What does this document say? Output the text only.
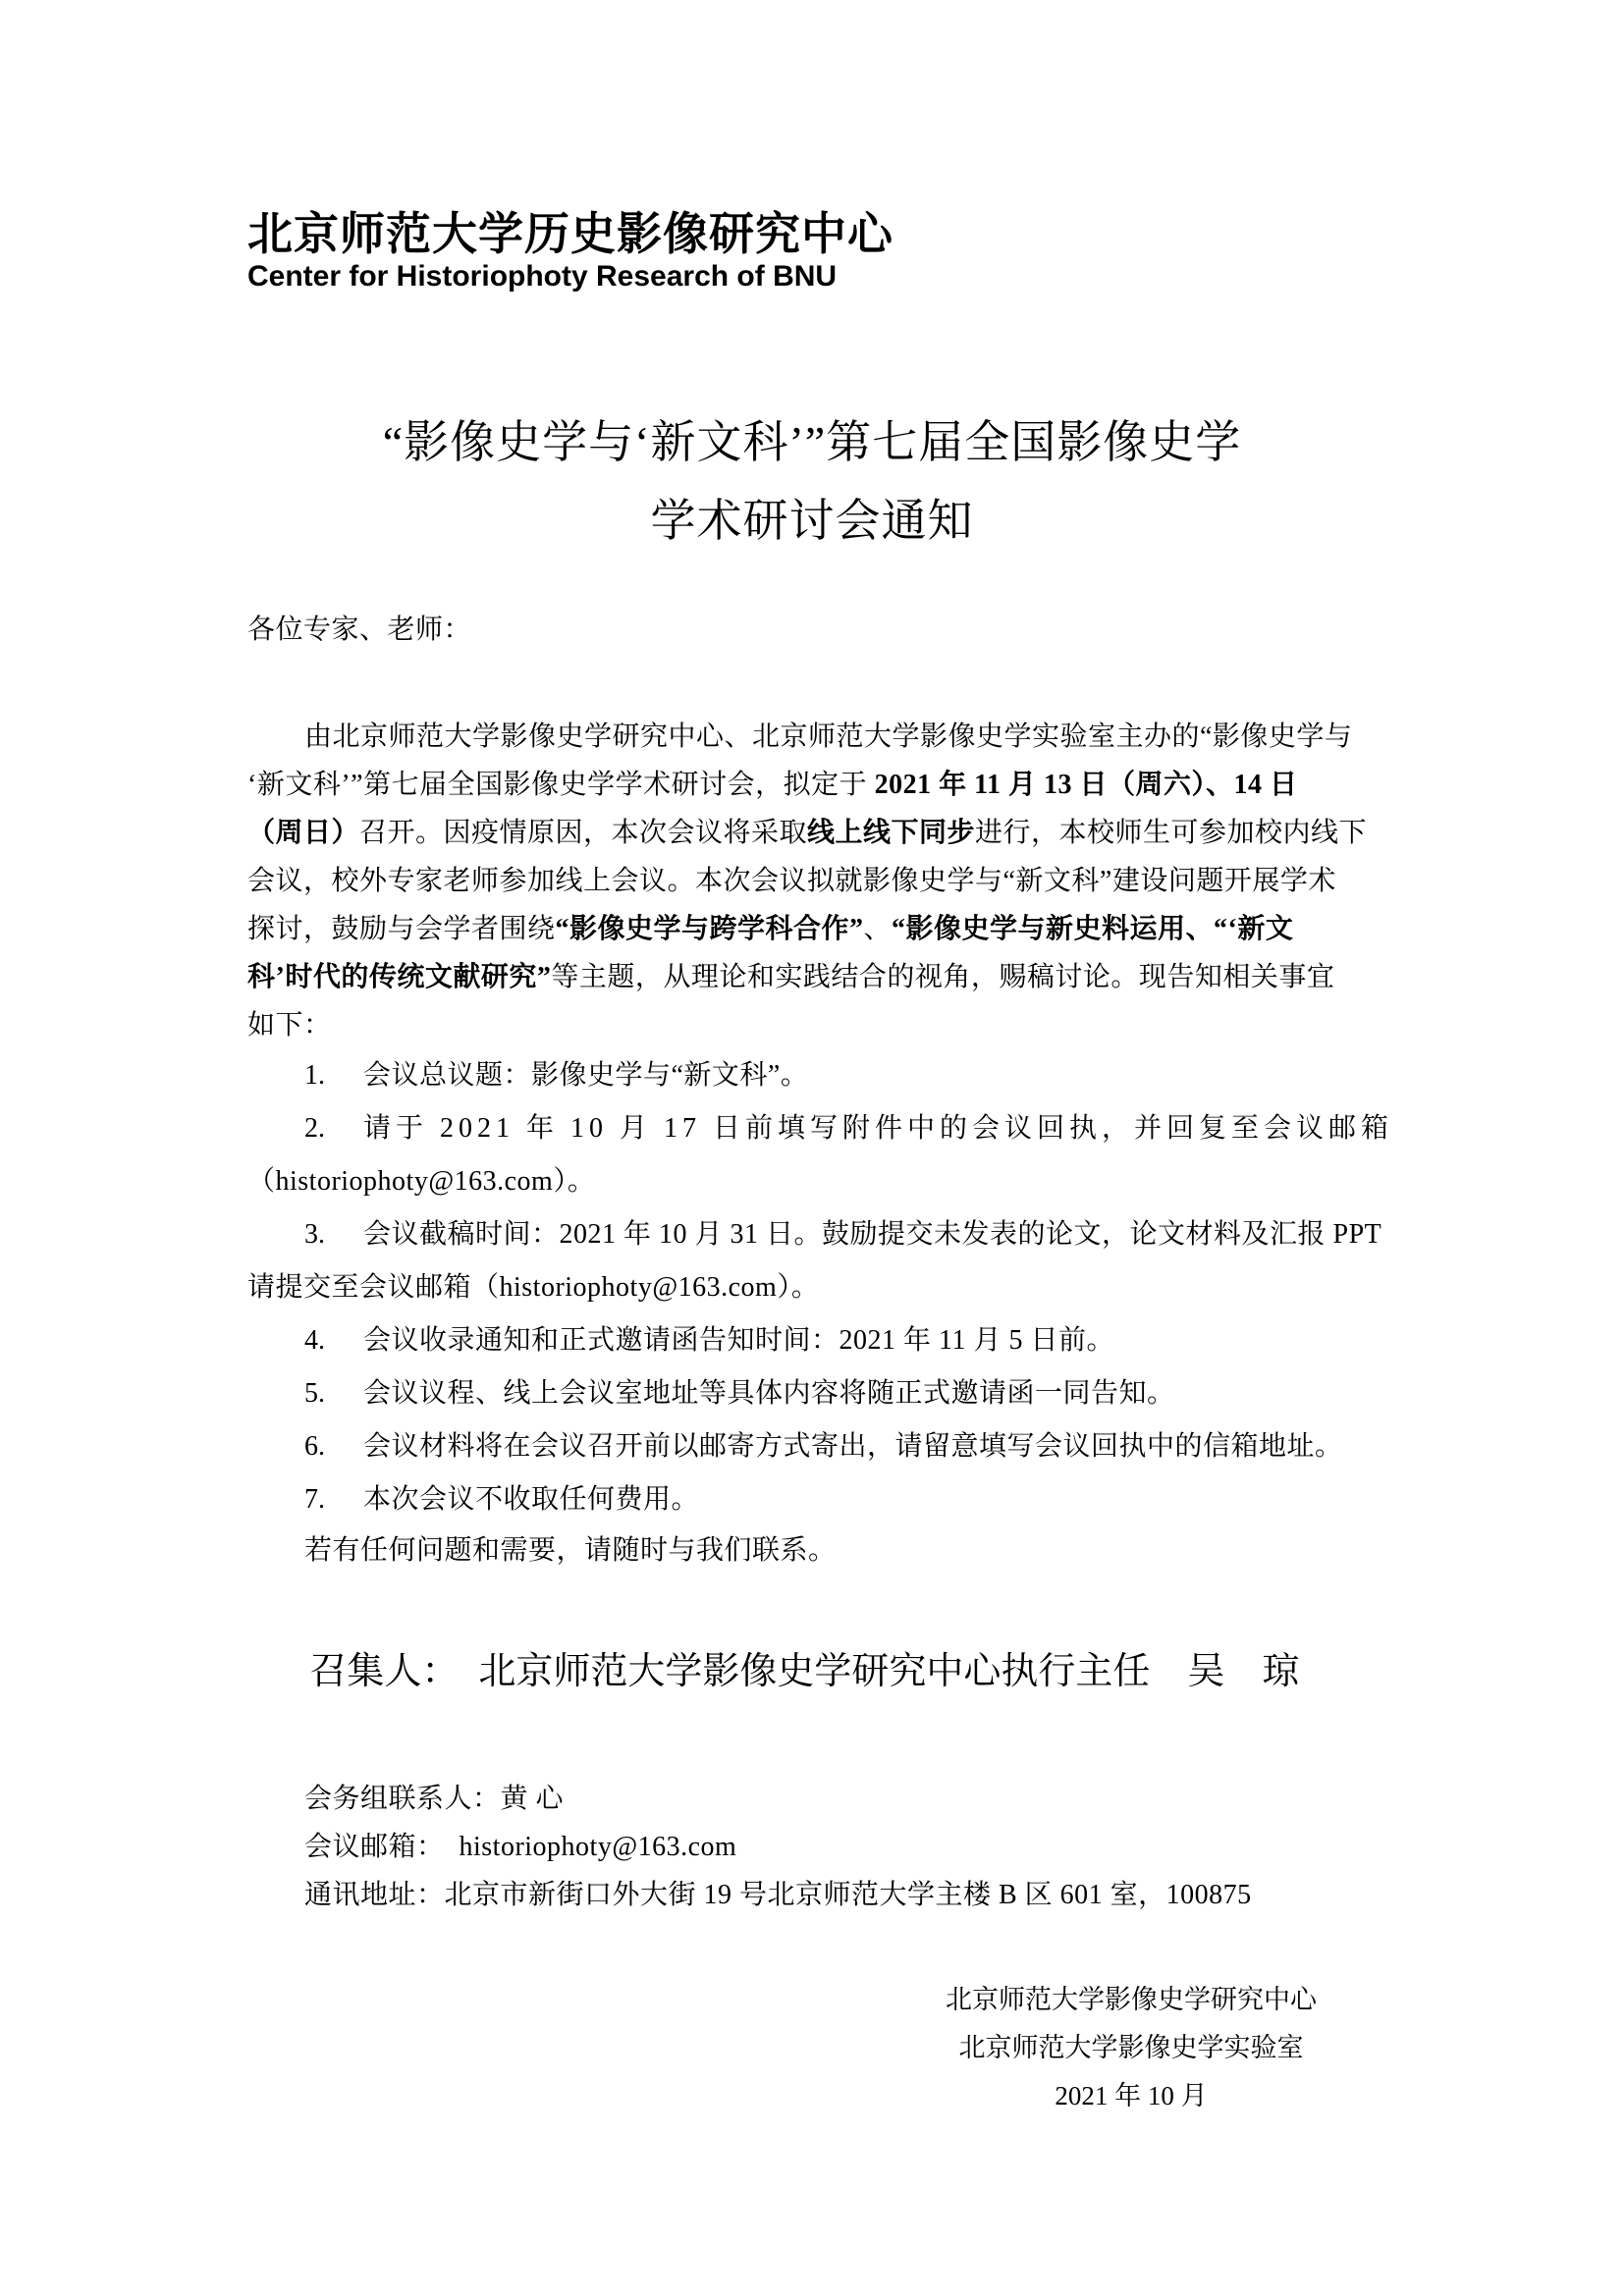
北京师范大学历史影像研究中心
Center for Historiophoty Research of BNU
“影像史学与‘新文科’”第七届全国影像史学
学术研讨会通知
各位专家、老师：
由北京师范大学影像史学研究中心、北京师范大学影像史学实验室主办的“影像史学与
‘新文科’”第七届全国影像史学学术研讨会，拟定于 2021 年 11 月 13 日（周六）、14 日
（周日）召开。因疫情原因，本次会议将采取线上线下同步进行，本校师生可参加校内线下
会议，校外专家老师参加线上会议。本次会议拟就影像史学与“新文科”建设问题开展学术
探讨，鼓励与会学者围绕“影像史学与跨学科合作”、“影像史学与新史料运用、“‘新文
科’时代的传统文献研究”等主题，从理论和实践结合的视角，赐稿讨论。现告知相关事宜
如下：
1. 会议总议题：影像史学与“新文科”。
2. 请于 2021 年 10 月 17 日前填写附件中的会议回执，并回复至会议邮箱
（historiophoty@163.com）。
3. 会议截稿时间：2021 年 10 月 31 日。鼓励提交未发表的论文，论文材料及汇报 PPT
请提交至会议邮箱（historiophoty@163.com）。
4. 会议收录通知和正式邀请函告知时间：2021 年 11 月 5 日前。
5. 会议议程、线上会议室地址等具体内容将随正式邀请函一同告知。
6. 会议材料将在会议召开前以邮寄方式寄出，请留意填写会议回执中的信箱地址。
7. 本次会议不收取任何费用。
若有任何问题和需要，请随时与我们联系。

召集人： 北京师范大学影像史学研究中心执行主任 吴　琼

会务组联系人：黄 心
会议邮箱：  historiophoty@163.com
通讯地址：北京市新街口外大街 19 号北京师范大学主楼 B 区 601 室，100875
北京师范大学影像史学研究中心
北京师范大学影像史学实验室
2021 年 10 月
